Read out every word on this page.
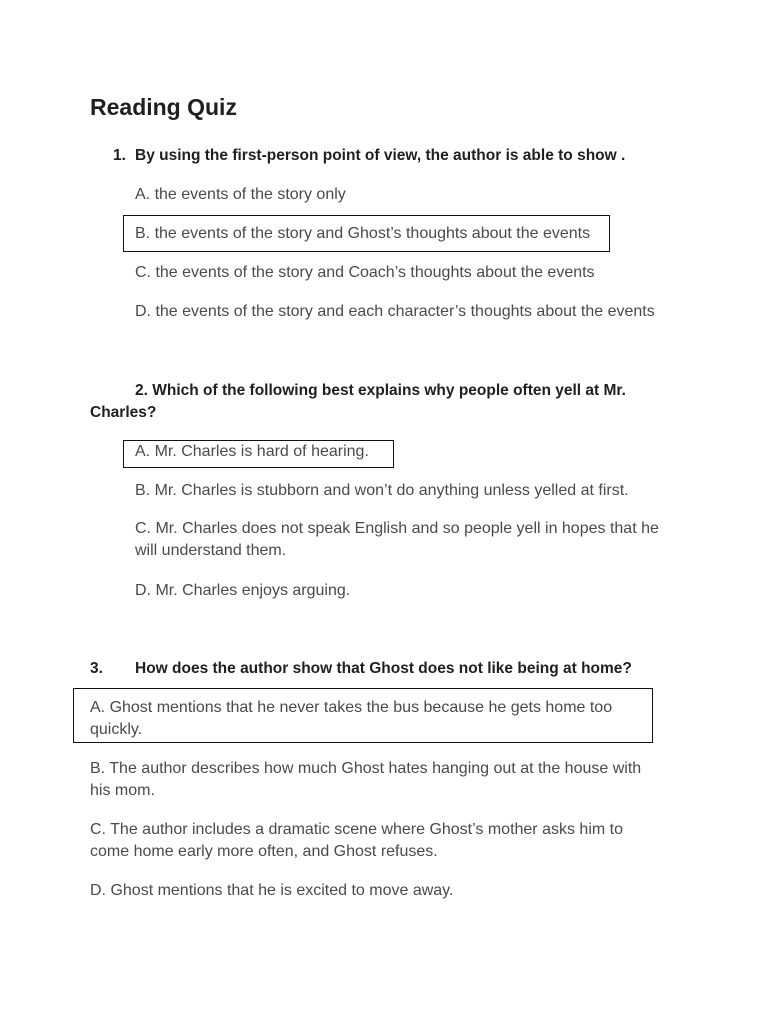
Reading Quiz

1. By using the first-person point of view, the author is able to show .

A. the events of the story only

B. the events of the story and Ghost’s thoughts about the events

C. the events of the story and Coach’s thoughts about the events

D. the events of the story and each character’s thoughts about the events

2. Which of the following best explains why people often yell at Mr. Charles?

A. Mr. Charles is hard of hearing.

B. Mr. Charles is stubborn and won’t do anything unless yelled at first.

C. Mr. Charles does not speak English and so people yell in hopes that he will understand them.

D. Mr. Charles enjoys arguing.

3. How does the author show that Ghost does not like being at home?

A. Ghost mentions that he never takes the bus because he gets home too quickly.

B. The author describes how much Ghost hates hanging out at the house with his mom.

C. The author includes a dramatic scene where Ghost’s mother asks him to come home early more often, and Ghost refuses.

D. Ghost mentions that he is excited to move away.
